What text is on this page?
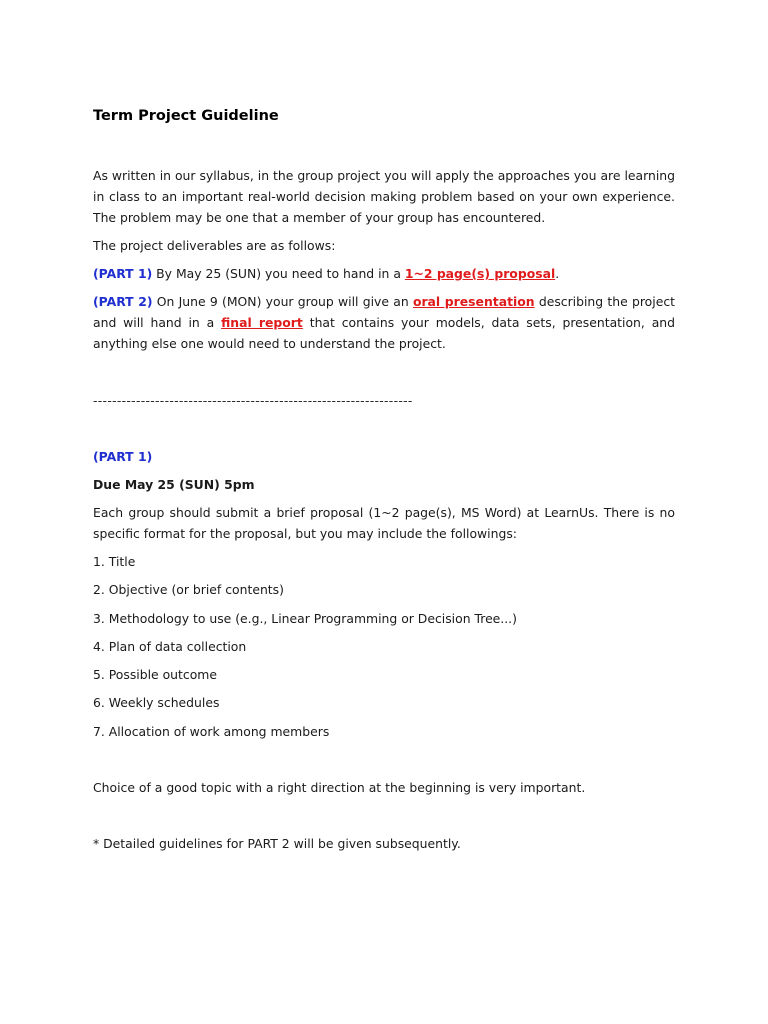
Term Project Guideline

As written in our syllabus, in the group project you will apply the approaches you are learning in class to an important real-world decision making problem based on your own experience. The problem may be one that a member of your group has encountered.

The project deliverables are as follows:

(PART 1) By May 25 (SUN) you need to hand in a 1~2 page(s) proposal.

(PART 2) On June 9 (MON) your group will give an oral presentation describing the project and will hand in a final report that contains your models, data sets, presentation, and anything else one would need to understand the project.

-------------------------------------------------------------------

(PART 1)

Due May 25 (SUN) 5pm

Each group should submit a brief proposal (1~2 page(s), MS Word) at LearnUs. There is no specific format for the proposal, but you may include the followings:

1. Title
2. Objective (or brief contents)
3. Methodology to use (e.g., Linear Programming or Decision Tree...)
4. Plan of data collection
5. Possible outcome
6. Weekly schedules
7. Allocation of work among members

Choice of a good topic with a right direction at the beginning is very important.

* Detailed guidelines for PART 2 will be given subsequently.
